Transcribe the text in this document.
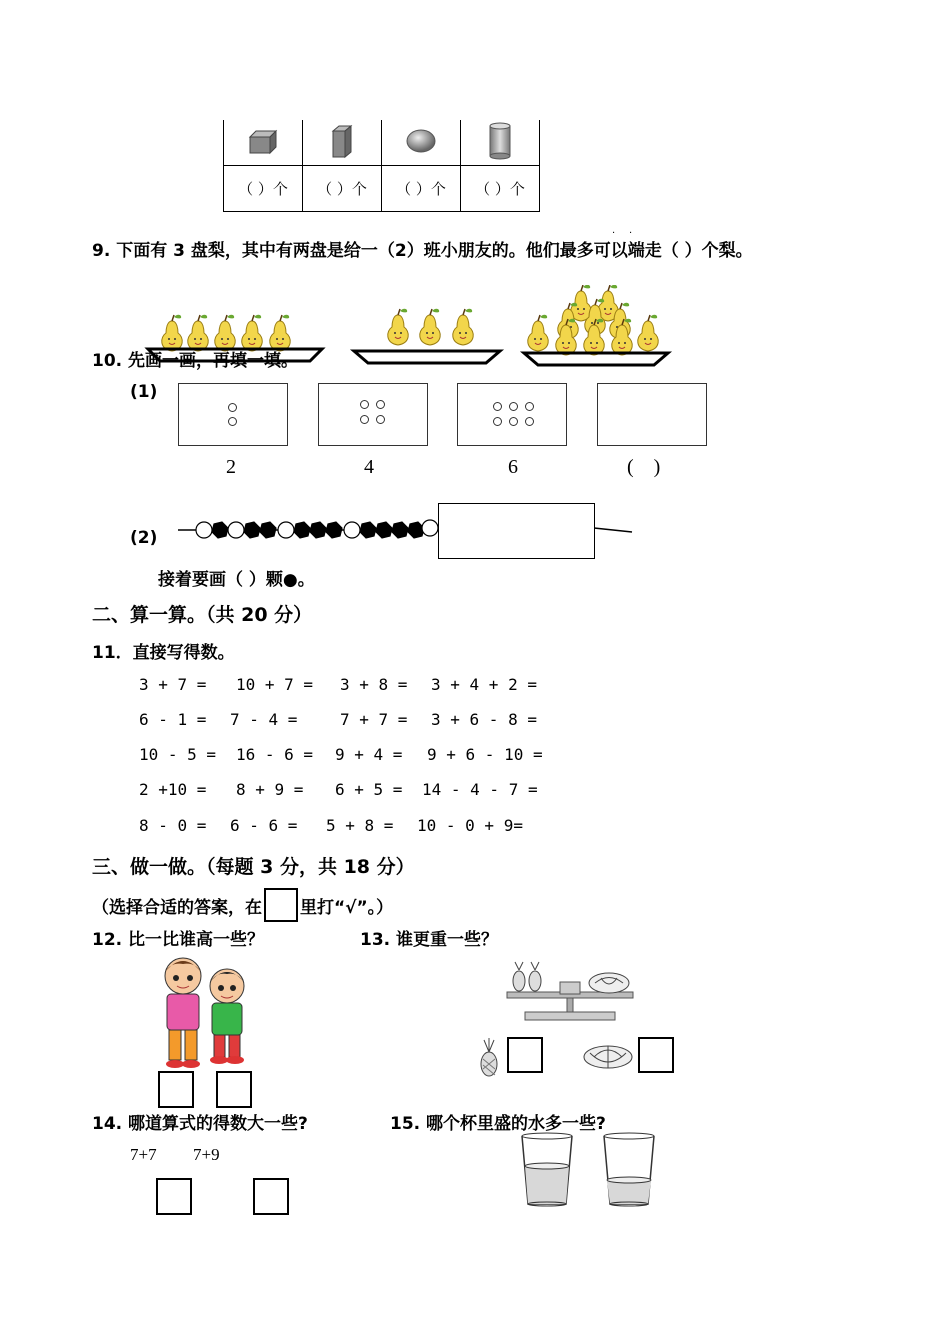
（ ）个	（ ）个	（ ）个	（ ）个
9. 下面有 3 盘梨，其中有两盘是给一（2）班小朋友的。他们最多可以端走（ ）个梨。
· ·
10. 先画一画，再填一填。
(1)
2	4	6	(    )
(2)
接着要画（ ）颗●。
二、算一算。（共 20 分）
11．直接写得数。
3 + 7 = 10 + 7 = 3 + 8 = 3 + 4 + 2 =
6 - 1 = 7 - 4 =	7 + 7 = 3 + 6 - 8 =
10 - 5 = 16 - 6 = 9 + 4 = 9 + 6 - 10 =
2 +10 = 8 + 9 = 6 + 5 = 14 - 4 - 7 =
8 - 0 = 6 - 6 = 5 + 8 = 10 - 0 + 9=
三、做一做。（每题 3 分，共 18 分）
（选择合适的答案，在 里打“√”。）
12. 比一比谁高一些？	13. 谁更重一些？
14. 哪道算式的得数大一些?
7+7 7+9
15. 哪个杯里盛的水多一些?
